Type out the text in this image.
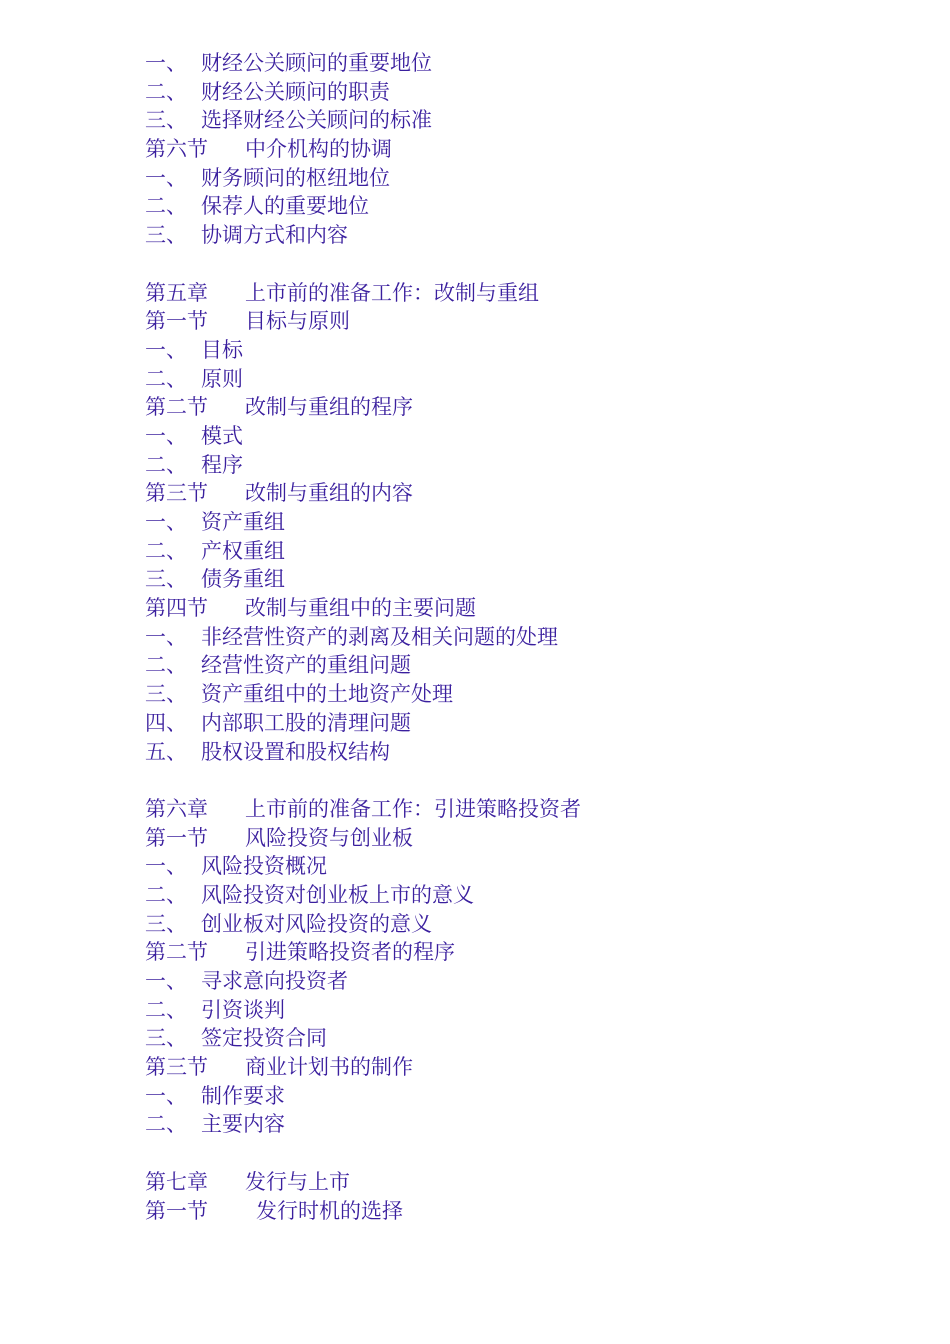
一、 财经公关顾问的重要地位
二、 财经公关顾问的职责
三、 选择财经公关顾问的标准
第六节	中介机构的协调
一、 财务顾问的枢纽地位
二、 保荐人的重要地位
三、 协调方式和内容
第五章	上市前的准备工作：改制与重组
第一节	目标与原则
一、 目标
二、 原则
第二节	改制与重组的程序
一、 模式
二、 程序
第三节	改制与重组的内容
一、 资产重组
二、 产权重组
三、 债务重组
第四节	改制与重组中的主要问题
一、 非经营性资产的剥离及相关问题的处理
二、 经营性资产的重组问题
三、 资产重组中的土地资产处理
四、 内部职工股的清理问题
五、 股权设置和股权结构
第六章	上市前的准备工作：引进策略投资者
第一节	风险投资与创业板
一、 风险投资概况
二、 风险投资对创业板上市的意义
三、 创业板对风险投资的意义
第二节	引进策略投资者的程序
一、 寻求意向投资者
二、 引资谈判
三、 签定投资合同
第三节	商业计划书的制作
一、 制作要求
二、 主要内容
第七章	发行与上市
第一节	发行时机的选择
